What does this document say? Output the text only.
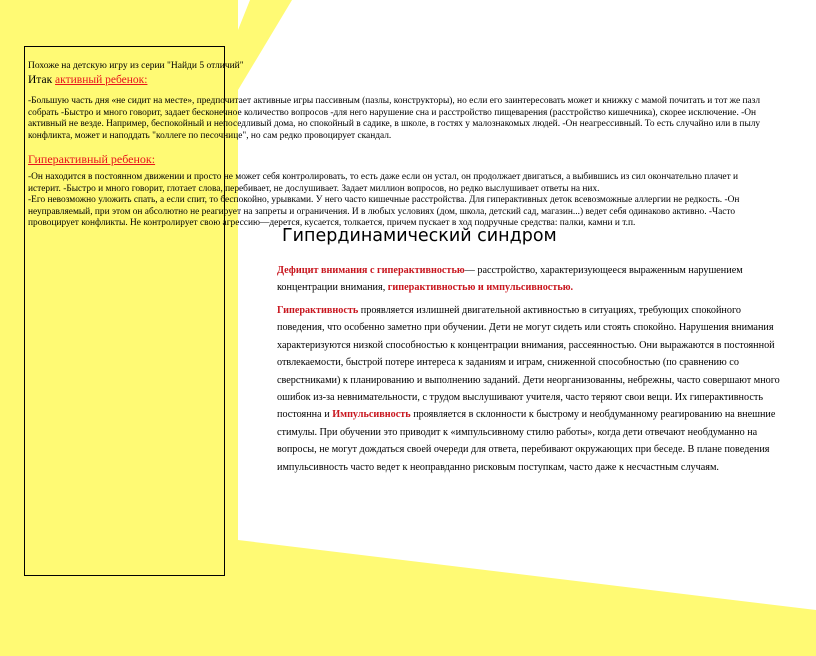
Похоже на детскую игру из серии "Найди 5 отличий"
Итак активный ребенок:
-Большую часть дня «не сидит на месте», предпочитает активные игры пассивным (пазлы, конструкторы), но если его заинтересовать может и книжку с мамой почитать и тот же пазл собрать -Быстро и много говорит, задает бесконечное количество вопросов -для него нарушение сна и расстройство пищеварения (расстройство кишечника), скорее исключение. -Он активный не везде. Например, беспокойный и непоседливый дома, но спокойный в садике, в школе, в гостях у малознакомых людей. -Он неагрессивный. То есть случайно или в пылу конфликта, может и наподдать "коллеге по песочнице", но сам редко провоцирует скандал.
Гиперактивный ребенок:
-Он находится в постоянном движении и просто не может себя контролировать, то есть даже если он устал, он продолжает двигаться, а выбившись из сил окончательно плачет и истерит. -Быстро и много говорит, глотает слова, перебивает, не дослушивает. Задает миллион вопросов, но редко выслушивает ответы на них.
-Его невозможно уложить спать, а если спит, то беспокойно, урывками. У него часто кишечные расстройства. Для гиперактивных деток всевозможные аллергии не редкость. -Он неуправляемый, при этом он абсолютно не реагирует на запреты и ограничения. И в любых условиях (дом, школа, детский сад, магазин...) ведет себя одинаково активно. -Часто провоцирует конфликты. Не контролирует свою агрессию—дерется, кусается, толкается, причем пускает в ход подручные средства: палки, камни и т.п.
Гипердинамический синдром
Дефицит внимания с гиперактивностью— расстройство, характеризующееся выраженным нарушением концентрации внимания, гиперактивностью и импульсивностью.
Гиперактивность проявляется излишней двигательной активностью в ситуациях, требующих спокойного поведения, что особенно заметно при обучении. Дети не могут сидеть или стоять спокойно. Нарушения внимания характеризуются низкой способностью к концентрации внимания, рассеянностью. Они выражаются в постоянной отвлекаемости, быстрой потере интереса к заданиям и играм, сниженной способностью (по сравнению со сверстниками) к планированию и выполнению заданий. Дети неорганизованны, небрежны, часто совершают много ошибок из-за невнимательности, с трудом выслушивают учителя, часто теряют свои вещи. Их гиперактивность постоянна и Импульсивность проявляется в склонности к быстрому и необдуманному реагированию на внешние стимулы. При обучении это приводит к «импульсивному стилю работы», когда дети отвечают необдуманно на вопросы, не могут дождаться своей очереди для ответа, перебивают окружающих при беседе. В плане поведения импульсивность часто ведет к неоправданно рисковым поступкам, часто даже к несчастным случаям.
